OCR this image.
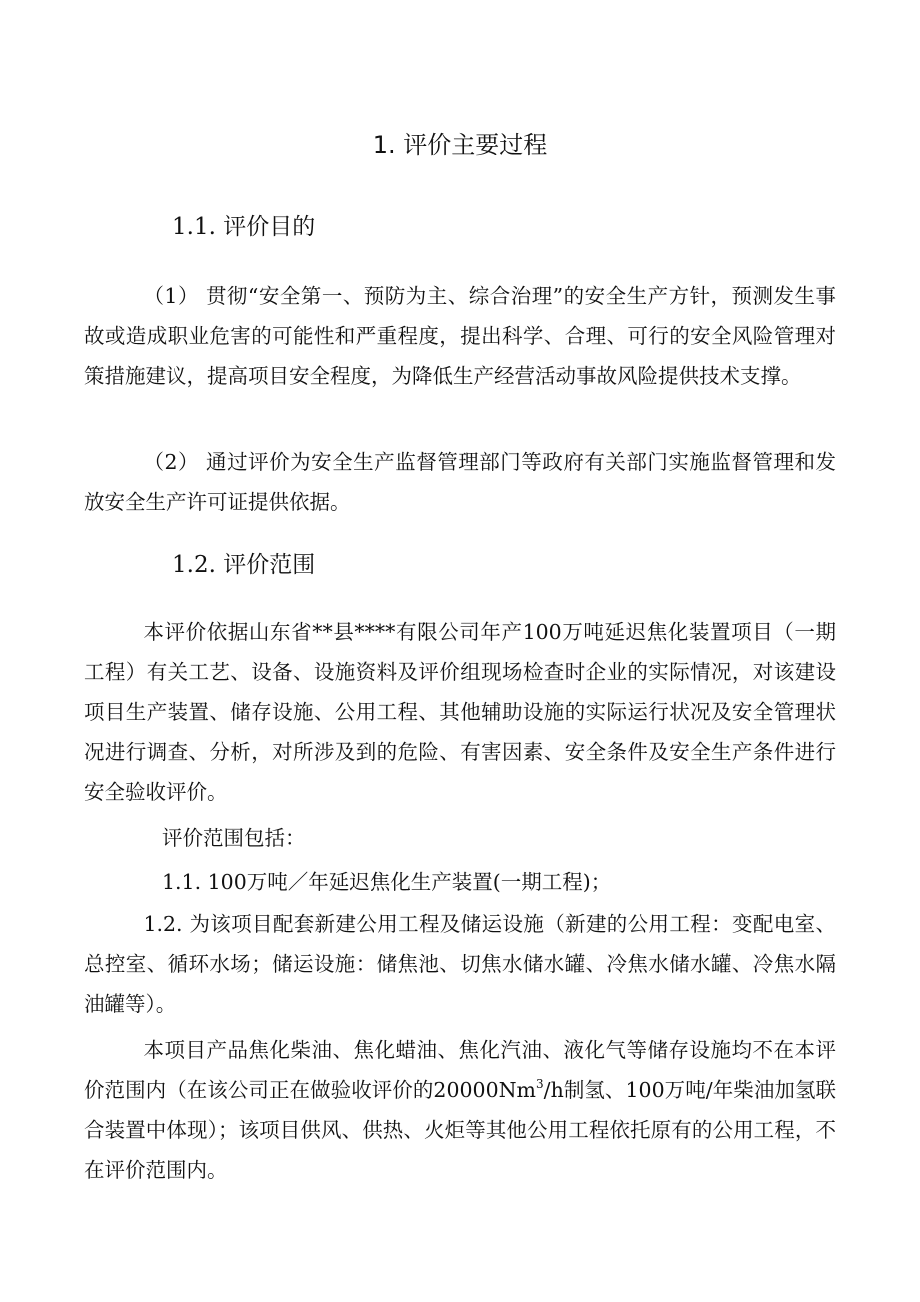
1. 评价主要过程
1.1. 评价目的

（1） 贯彻“安全第一、预防为主、综合治理”的安全生产方针，预测发生事故或造成职业危害的可能性和严重程度，提出科学、合理、可行的安全风险管理对策措施建议，提高项目安全程度，为降低生产经营活动事故风险提供技术支撑。

（2） 通过评价为安全生产监督管理部门等政府有关部门实施监督管理和发放安全生产许可证提供依据。

1.2. 评价范围

本评价依据山东省**县****有限公司年产100万吨延迟焦化装置项目（一期工程）有关工艺、设备、设施资料及评价组现场检查时企业的实际情况，对该建设项目生产装置、储存设施、公用工程、其他辅助设施的实际运行状况及安全管理状况进行调查、分析，对所涉及到的危险、有害因素、安全条件及安全生产条件进行安全验收评价。

评价范围包括：
1.1. 100万吨／年延迟焦化生产装置(一期工程)；

1.2. 为该项目配套新建公用工程及储运设施（新建的公用工程：变配电室、总控室、循环水场；储运设施：储焦池、切焦水储水罐、冷焦水储水罐、冷焦水隔油罐等）。

本项目产品焦化柴油、焦化蜡油、焦化汽油、液化气等储存设施均不在本评价范围内（在该公司正在做验收评价的20000Nm$^3$/h制氢、100万吨/年柴油加氢联合装置中体现）；该项目供风、供热、火炬等其他公用工程依托原有的公用工程，不在评价范围内。
